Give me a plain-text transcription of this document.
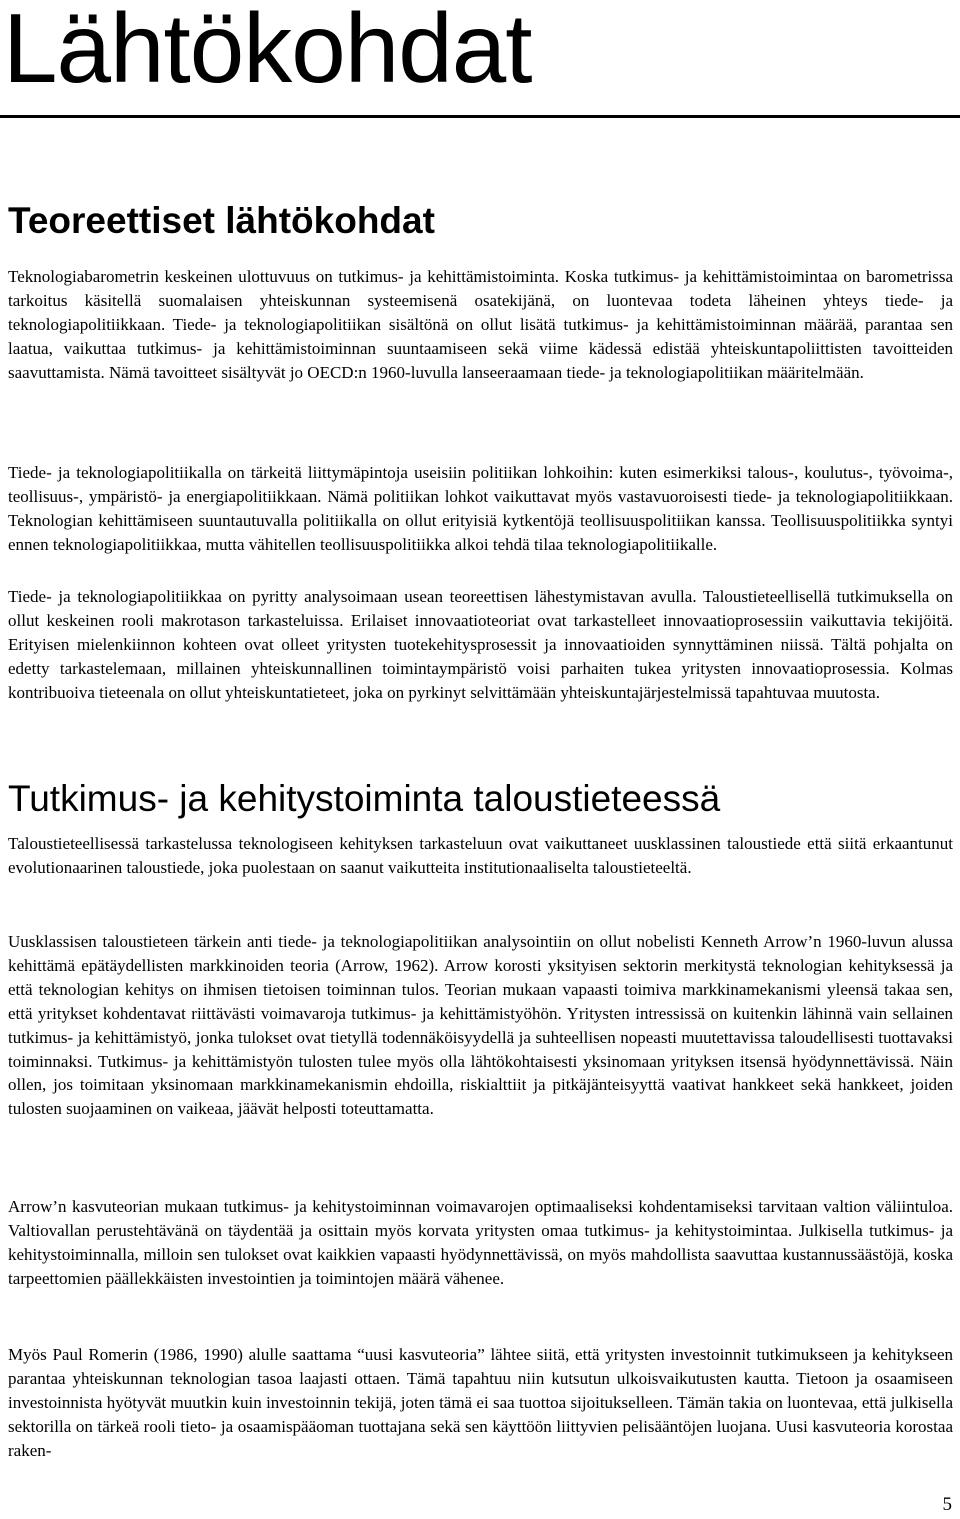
Lähtökohdat
Teoreettiset lähtökohdat

Teknologiabarometrin keskeinen ulottuvuus on tutkimus- ja kehittämistoiminta. Koska tutkimus- ja kehittämistoimintaa on barometrissa tarkoitus käsitellä suomalaisen yhteiskunnan systeemisenä osatekijänä, on luontevaa todeta läheinen yhteys tiede- ja teknologiapolitiikkaan. Tiede- ja teknologiapolitiikan sisältönä on ollut lisätä tutkimus- ja kehittämistoiminnan määrää, parantaa sen laatua, vaikuttaa tutkimus- ja kehittämistoiminnan suuntaamiseen sekä viime kädessä edistää yhteiskuntapoliittisten tavoitteiden saavuttamista. Nämä tavoitteet sisältyvät jo OECD:n 1960-luvulla lanseeraamaan tiede- ja teknologiapolitiikan määritelmään.

Tiede- ja teknologiapolitiikalla on tärkeitä liittymäpintoja useisiin politiikan lohkoihin: kuten esimerkiksi talous-, koulutus-, työvoima-, teollisuus-, ympäristö- ja energiapolitiikkaan. Nämä politiikan lohkot vaikuttavat myös vastavuoroisesti tiede- ja teknologiapolitiikkaan. Teknologian kehittämiseen suuntautuvalla politiikalla on ollut erityisiä kytkentöjä teollisuuspolitiikan kanssa. Teollisuuspolitiikka syntyi ennen teknologiapolitiikkaa, mutta vähitellen teollisuuspolitiikka alkoi tehdä tilaa teknologiapolitiikalle.

Tiede- ja teknologiapolitiikkaa on pyritty analysoimaan usean teoreettisen lähestymistavan avulla. Taloustieteellisellä tutkimuksella on ollut keskeinen rooli makrotason tarkasteluissa. Erilaiset innovaatioteoriat ovat tarkastelleet innovaatioprosessiin vaikuttavia tekijöitä. Erityisen mielenkiinnon kohteen ovat olleet yritysten tuotekehitysprosessit ja innovaatioiden synnyttäminen niissä. Tältä pohjalta on edetty tarkastelemaan, millainen yhteiskunnallinen toimintaympäristö voisi parhaiten tukea yritysten innovaatioprosessia. Kolmas kontribuoiva tieteenala on ollut yhteiskuntatieteet, joka on pyrkinyt selvittämään yhteiskuntajärjestelmissä tapahtuvaa muutosta.

Tutkimus- ja kehitystoiminta taloustieteessä

Taloustieteellisessä tarkastelussa teknologiseen kehityksen tarkasteluun ovat vaikuttaneet uusklassinen taloustiede että siitä erkaantunut evolutionaarinen taloustiede, joka puolestaan on saanut vaikutteita institutionaaliselta taloustieteeltä.

Uusklassisen taloustieteen tärkein anti tiede- ja teknologiapolitiikan analysointiin on ollut nobelisti Kenneth Arrow’n 1960-luvun alussa kehittämä epätäydellisten markkinoiden teoria (Arrow, 1962). Arrow korosti yksityisen sektorin merkitystä teknologian kehityksessä ja että teknologian kehitys on ihmisen tietoisen toiminnan tulos. Teorian mukaan vapaasti toimiva markkinamekanismi yleensä takaa sen, että yritykset kohdentavat riittävästi voimavaroja tutkimus- ja kehittämistyöhön. Yritysten intressissä on kuitenkin lähinnä vain sellainen tutkimus- ja kehittämistyö, jonka tulokset ovat tietyllä todennäköisyydellä ja suhteellisen nopeasti muutettavissa taloudellisesti tuottavaksi toiminnaksi. Tutkimus- ja kehittämistyön tulosten tulee myös olla lähtökohtaisesti yksinomaan yrityksen itsensä hyödynnettävissä. Näin ollen, jos toimitaan yksinomaan markkinamekanismin ehdoilla, riskialttiit ja pitkäjänteisyyttä vaativat hankkeet sekä hankkeet, joiden tulosten suojaaminen on vaikeaa, jäävät helposti toteuttamatta.

Arrow’n kasvuteorian mukaan tutkimus- ja kehitystoiminnan voimavarojen optimaaliseksi kohdentamiseksi tarvitaan valtion väliintuloa. Valtiovallan perustehtävänä on täydentää ja osittain myös korvata yritysten omaa tutkimus- ja kehitystoimintaa. Julkisella tutkimus- ja kehitystoiminnalla, milloin sen tulokset ovat kaikkien vapaasti hyödynnettävissä, on myös mahdollista saavuttaa kustannussäästöjä, koska tarpeettomien päällekkäisten investointien ja toimintojen määrä vähenee.

Myös Paul Romerin (1986, 1990) alulle saattama “uusi kasvuteoria” lähtee siitä, että yritysten investoinnit tutkimukseen ja kehitykseen parantaa yhteiskunnan teknologian tasoa laajasti ottaen. Tämä tapahtuu niin kutsutun ulkoisvaikutusten kautta. Tietoon ja osaamiseen investoinnista hyötyvät muutkin kuin investoinnin tekijä, joten tämä ei saa tuottoa sijoitukselleen. Tämän takia on luontevaa, että julkisella sektorilla on tärkeä rooli tieto- ja osaamispääoman tuottajana sekä sen käyttöön liittyvien pelisääntöjen luojana. Uusi kasvuteoria korostaa raken-

5
